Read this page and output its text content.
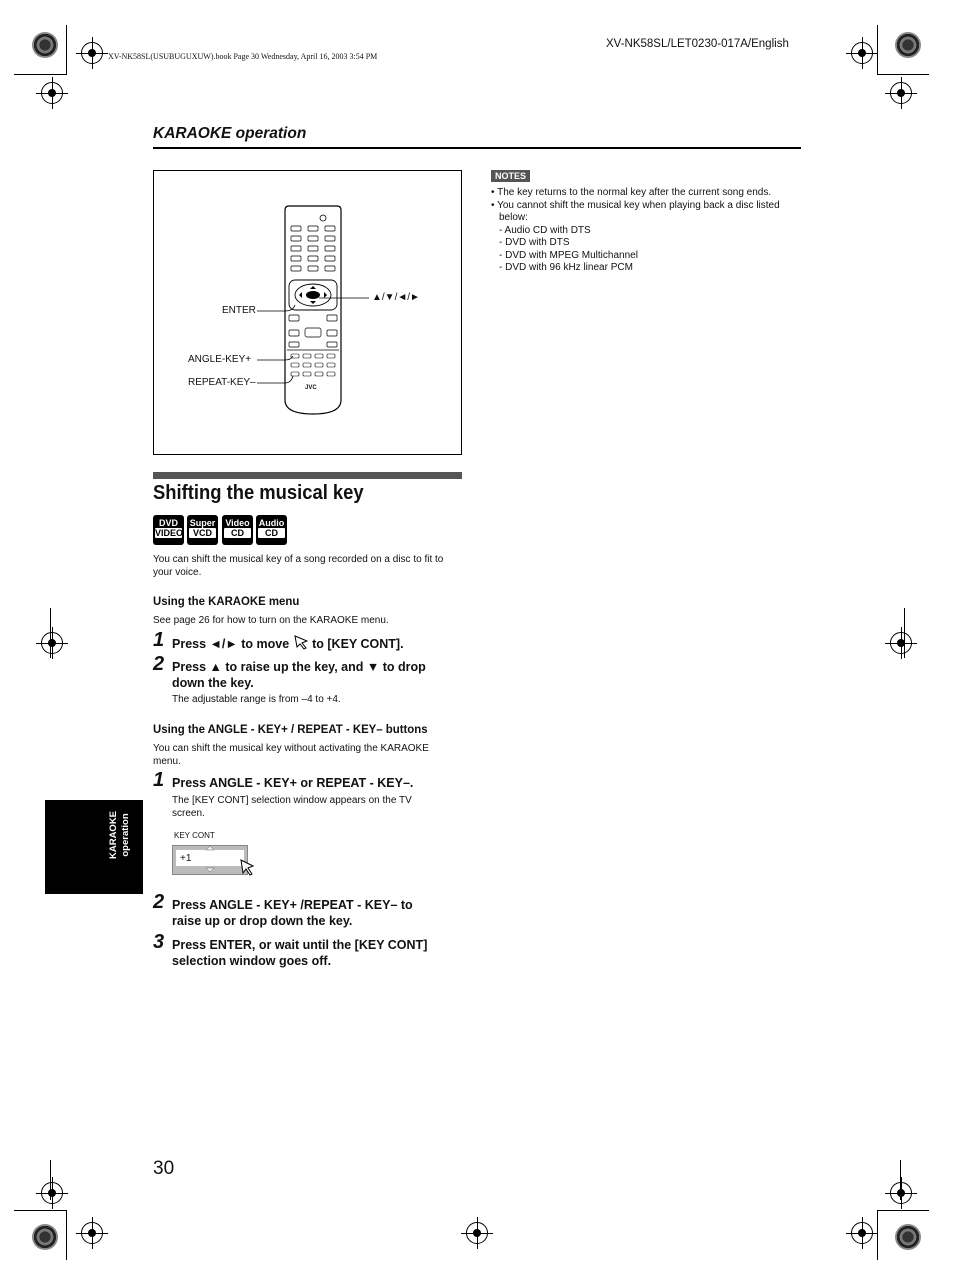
XV-NK58SL(USUBUGUXUW).book Page 30 Wednesday, April 16, 2003 3:54 PM
XV-NK58SL/LET0230-017A/English
KARAOKE operation
JVC
▲/▼/◄/►
ENTER
ANGLE-KEY+
REPEAT-KEY–
NOTES
• The key returns to the normal key after the current song ends.
• You cannot shift the musical key when playing back a disc listed
below:
- Audio CD with DTS
- DVD with DTS
- DVD with MPEG Multichannel
- DVD with 96 kHz linear PCM
Shifting the musical key
DVD
VIDEO
Super
VCD
Video
CD
Audio
CD
You can shift the musical key of a song recorded on a disc to fit to
your voice.
Using the KARAOKE menu
See page 26 for how to turn on the KARAOKE menu.
1 Press ◄/► to move to [KEY CONT].
2 Press ▲ to raise up the key, and ▼ to drop
down the key.
The adjustable range is from –4 to +4.
Using the ANGLE - KEY+ / REPEAT - KEY– buttons
You can shift the musical key without activating the KARAOKE
menu.
1 Press ANGLE - KEY+ or REPEAT - KEY–.
The [KEY CONT] selection window appears on the TV
screen.
KEY CONT
+1
2 Press ANGLE - KEY+ /REPEAT - KEY– to
raise up or drop down the key.
3 Press ENTER, or wait until the [KEY CONT]
selection window goes off.
KARAOKE operation
30
